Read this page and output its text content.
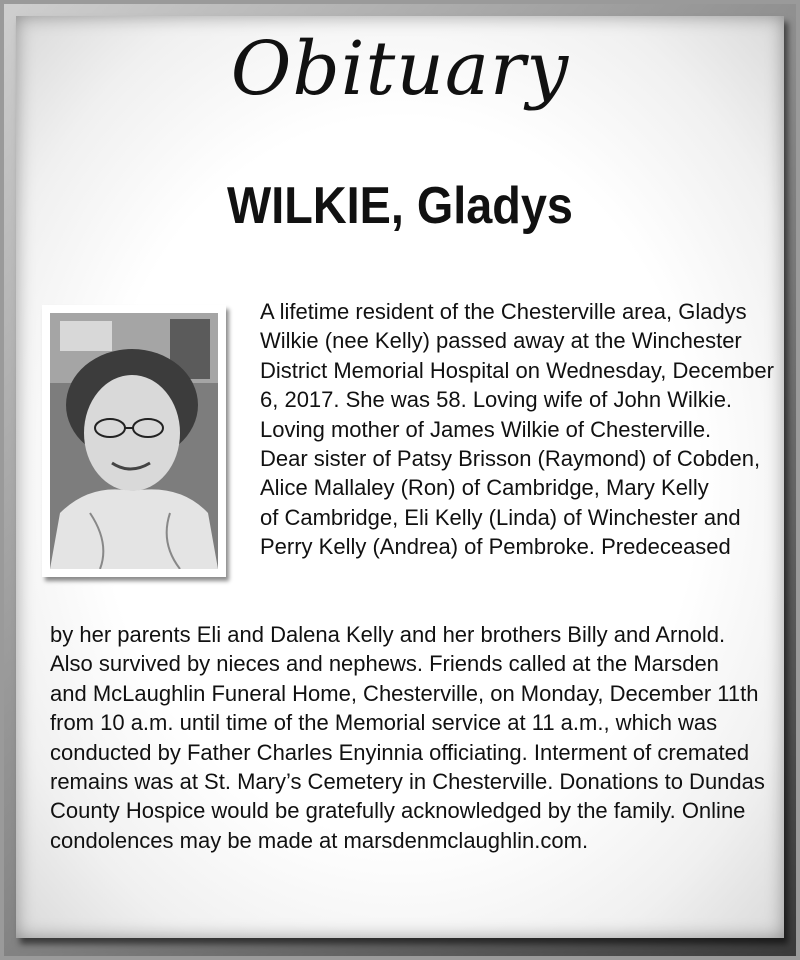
Obituary
WILKIE, Gladys
A lifetime resident of the Chesterville area, Gladys
Wilkie (nee Kelly) passed away at the Winchester
District Memorial Hospital on Wednesday, December
6, 2017. She was 58. Loving wife of John Wilkie.
Loving mother of James Wilkie of Chesterville.
Dear sister of Patsy Brisson (Raymond) of Cobden,
Alice Mallaley (Ron) of Cambridge, Mary Kelly
of Cambridge, Eli Kelly (Linda) of Winchester and
Perry Kelly (Andrea) of Pembroke. Predeceased
by her parents Eli and Dalena Kelly and her brothers Billy and Arnold.
Also survived by nieces and nephews. Friends called at the Marsden
and McLaughlin Funeral Home, Chesterville, on Monday, December 11th
from 10 a.m. until time of the Memorial service at 11 a.m., which was
conducted by Father Charles Enyinnia officiating. Interment of cremated
remains was at St. Mary’s Cemetery in Chesterville. Donations to Dundas
County Hospice would be gratefully acknowledged by the family. Online
condolences may be made at marsdenmclaughlin.com.
